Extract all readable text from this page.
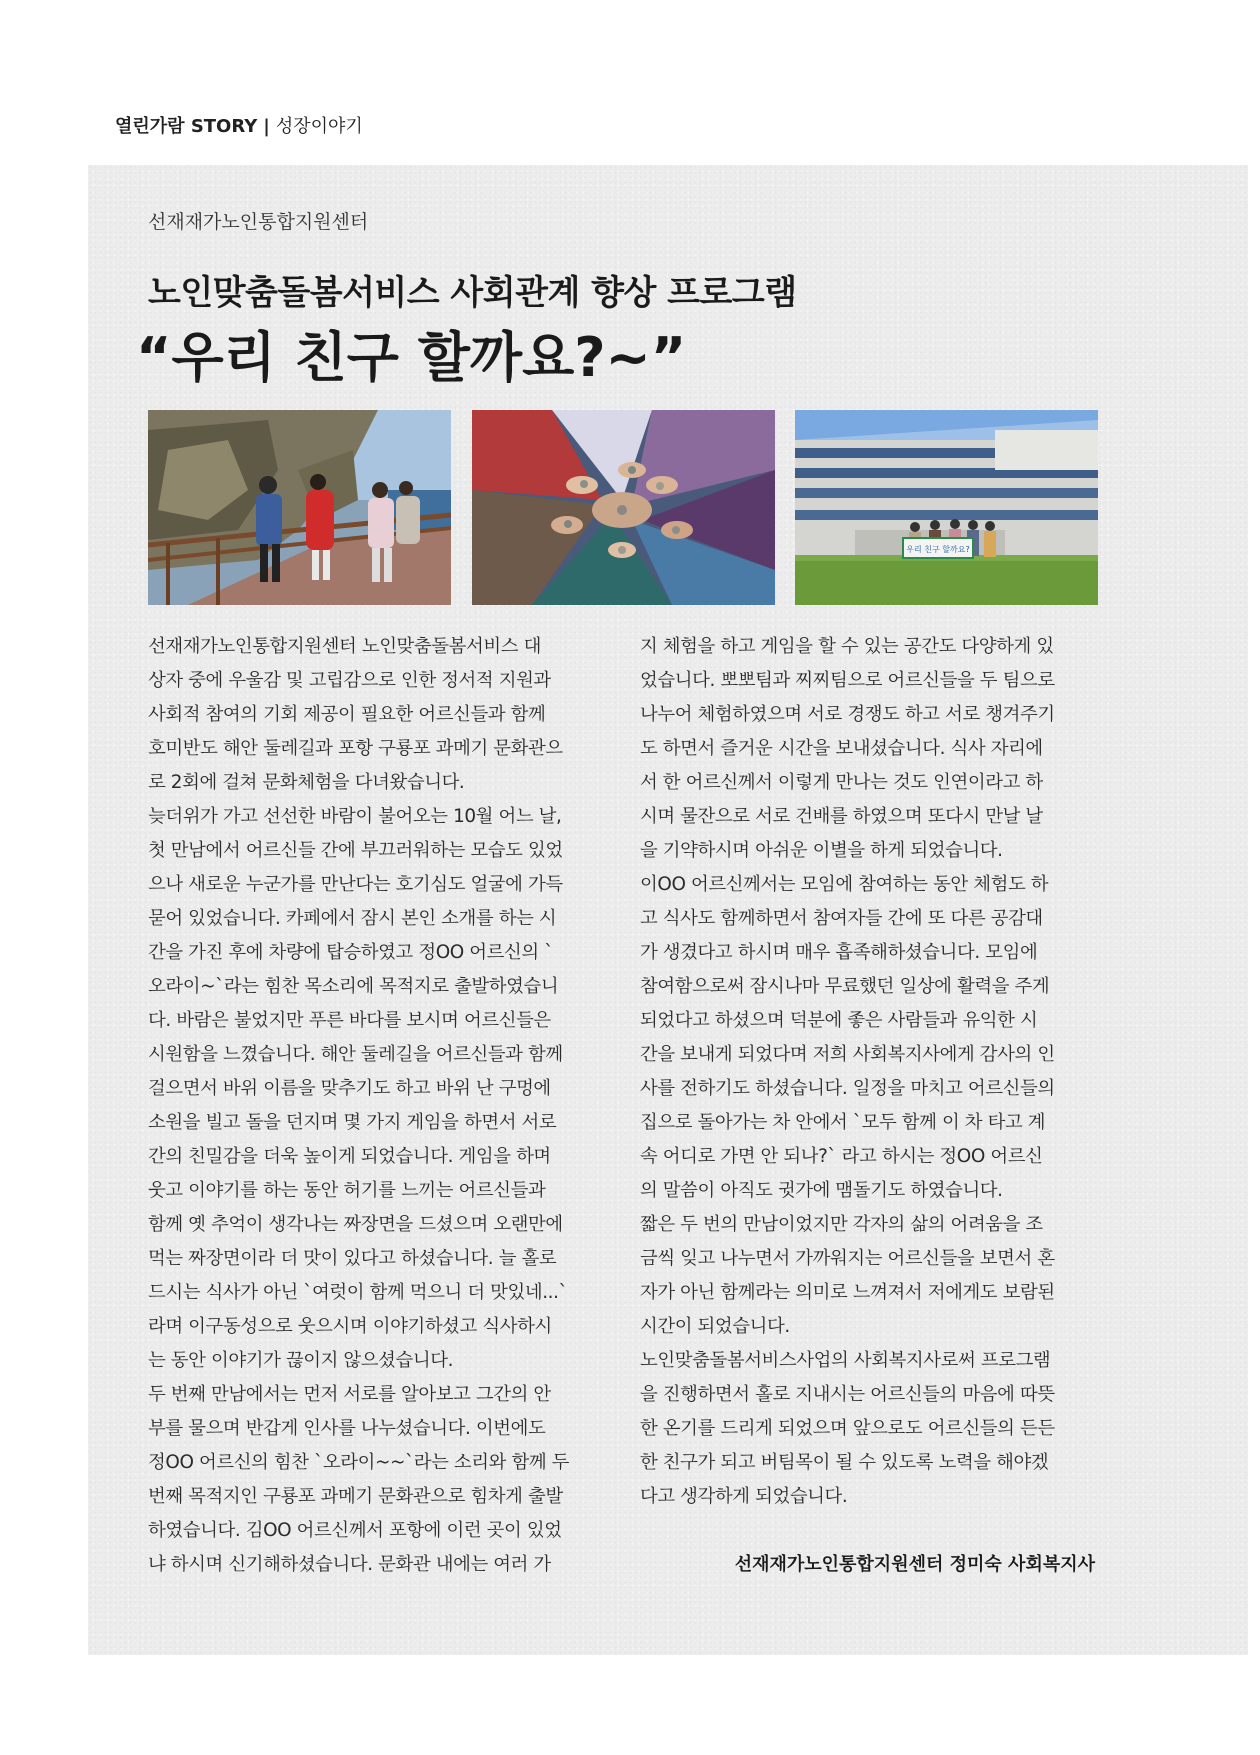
열린가람 STORY | 성장이야기
선재재가노인통합지원센터
노인맞춤돌봄서비스 사회관계 향상 프로그램
“우리 친구 할까요?~”
우리 친구 할까요?
선재재가노인통합지원센터 노인맞춤돌봄서비스 대
상자 중에 우울감 및 고립감으로 인한 정서적 지원과
사회적 참여의 기회 제공이 필요한 어르신들과 함께
호미반도 해안 둘레길과 포항 구룡포 과메기 문화관으
로 2회에 걸쳐 문화체험을 다녀왔습니다.
늦더위가 가고 선선한 바람이 불어오는 10월 어느 날,
첫 만남에서 어르신들 간에 부끄러워하는 모습도 있었
으나 새로운 누군가를 만난다는 호기심도 얼굴에 가득
묻어 있었습니다. 카페에서 잠시 본인 소개를 하는 시
간을 가진 후에 차량에 탑승하였고 정OO 어르신의 `
오라이~`라는 힘찬 목소리에 목적지로 출발하였습니
다. 바람은 불었지만 푸른 바다를 보시며 어르신들은
시원함을 느꼈습니다. 해안 둘레길을 어르신들과 함께
걸으면서 바위 이름을 맞추기도 하고 바위 난 구멍에
소원을 빌고 돌을 던지며 몇 가지 게임을 하면서 서로
간의 친밀감을 더욱 높이게 되었습니다. 게임을 하며
웃고 이야기를 하는 동안 허기를 느끼는 어르신들과
함께 옛 추억이 생각나는 짜장면을 드셨으며 오랜만에
먹는 짜장면이라 더 맛이 있다고 하셨습니다. 늘 홀로
드시는 식사가 아닌 `여럿이 함께 먹으니 더 맛있네...`
라며 이구동성으로 웃으시며 이야기하셨고 식사하시
는 동안 이야기가 끊이지 않으셨습니다.
두 번째 만남에서는 먼저 서로를 알아보고 그간의 안
부를 물으며 반갑게 인사를 나누셨습니다. 이번에도
정OO 어르신의 힘찬 `오라이~~`라는 소리와 함께 두
번째 목적지인 구룡포 과메기 문화관으로 힘차게 출발
하였습니다. 김OO 어르신께서 포항에 이런 곳이 있었
냐 하시며 신기해하셨습니다. 문화관 내에는 여러 가
지 체험을 하고 게임을 할 수 있는 공간도 다양하게 있
었습니다. 뽀뽀팀과 찌찌팀으로 어르신들을 두 팀으로
나누어 체험하였으며 서로 경쟁도 하고 서로 챙겨주기
도 하면서 즐거운 시간을 보내셨습니다. 식사 자리에
서 한 어르신께서 이렇게 만나는 것도 인연이라고 하
시며 물잔으로 서로 건배를 하였으며 또다시 만날 날
을 기약하시며 아쉬운 이별을 하게 되었습니다.
이OO 어르신께서는 모임에 참여하는 동안 체험도 하
고 식사도 함께하면서 참여자들 간에 또 다른 공감대
가 생겼다고 하시며 매우 흡족해하셨습니다. 모임에
참여함으로써 잠시나마 무료했던 일상에 활력을 주게
되었다고 하셨으며 덕분에 좋은 사람들과 유익한 시
간을 보내게 되었다며 저희 사회복지사에게 감사의 인
사를 전하기도 하셨습니다. 일정을 마치고 어르신들의
집으로 돌아가는 차 안에서 `모두 함께 이 차 타고 계
속 어디로 가면 안 되나?` 라고 하시는 정OO 어르신
의 말씀이 아직도 귓가에 맴돌기도 하였습니다.
짧은 두 번의 만남이었지만 각자의 삶의 어려움을 조
금씩 잊고 나누면서 가까워지는 어르신들을 보면서 혼
자가 아닌 함께라는 의미로 느껴져서 저에게도 보람된
시간이 되었습니다.
노인맞춤돌봄서비스사업의 사회복지사로써 프로그램
을 진행하면서 홀로 지내시는 어르신들의 마음에 따뜻
한 온기를 드리게 되었으며 앞으로도 어르신들의 든든
한 친구가 되고 버팀목이 될 수 있도록 노력을 해야겠
다고 생각하게 되었습니다.
선재재가노인통합지원센터 정미숙 사회복지사
